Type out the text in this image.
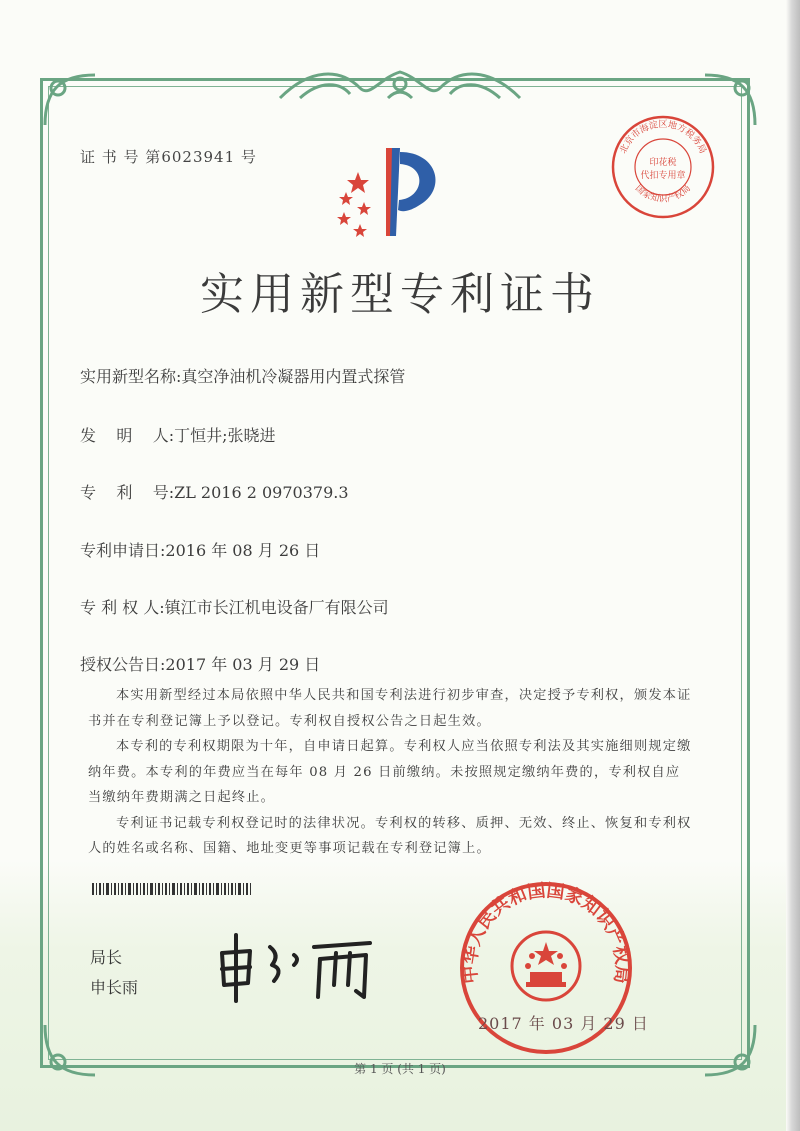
证 书 号 第6023941 号
实用新型专利证书
实用新型名称:真空净油机冷凝器用内置式探管
发    明    人:丁恒井;张晓进
专    利    号:ZL 2016 2 0970379.3
专利申请日:2016 年 08 月 26 日
专 利 权 人:镇江市长江机电设备厂有限公司
授权公告日:2017 年 03 月 29 日

本实用新型经过本局依照中华人民共和国专利法进行初步审查，决定授予专利权，颁发本证书并在专利登记簿上予以登记。专利权自授权公告之日起生效。

本专利的专利权期限为十年，自申请日起算。专利权人应当依照专利法及其实施细则规定缴纳年费。本专利的年费应当在每年 08 月 26 日前缴纳。未按照规定缴纳年费的，专利权自应当缴纳年费期满之日起终止。

专利证书记载专利权登记时的法律状况。专利权的转移、质押、无效、终止、恢复和专利权人的姓名或名称、国籍、地址变更等事项记载在专利登记簿上。

局长
申长雨
北京市海淀区地方税务局
印花税
代扣专用章
国家知识产权局
中华人民共和国国家知识产权局
2017 年 03 月 29 日
第 1 页 (共 1 页)
